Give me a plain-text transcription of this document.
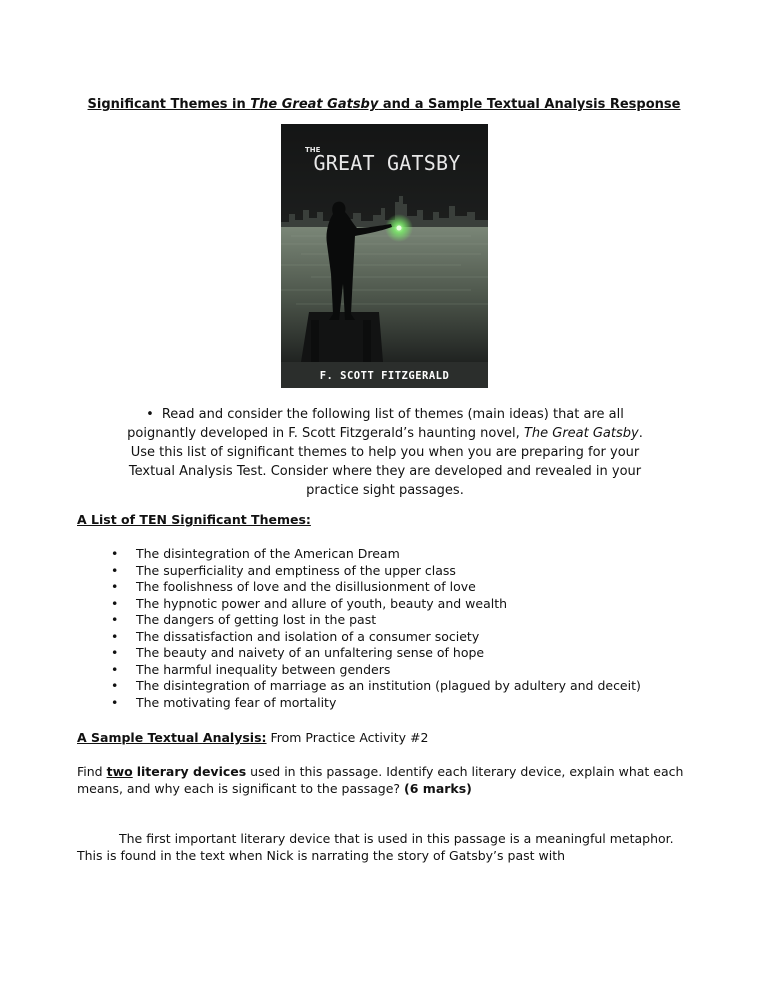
Significant Themes in The Great Gatsby and a Sample Textual Analysis Response
F. SCOTT FITZGERALD
THE
GREAT GATSBY
• Read and consider the following list of themes (main ideas) that are all poignantly developed in F. Scott Fitzgerald’s haunting novel, The Great Gatsby. Use this list of significant themes to help you when you are preparing for your Textual Analysis Test. Consider where they are developed and revealed in your practice sight passages.
A List of TEN Significant Themes:
• The disintegration of the American Dream
• The superficiality and emptiness of the upper class
• The foolishness of love and the disillusionment of love
• The hypnotic power and allure of youth, beauty and wealth
• The dangers of getting lost in the past
• The dissatisfaction and isolation of a consumer society
• The beauty and naivety of an unfaltering sense of hope
• The harmful inequality between genders
• The disintegration of marriage as an institution (plagued by adultery and deceit)
• The motivating fear of mortality
A Sample Textual Analysis: From Practice Activity #2
Find two literary devices used in this passage. Identify each literary device, explain what each means, and why each is significant to the passage? (6 marks)
The first important literary device that is used in this passage is a meaningful metaphor. This is found in the text when Nick is narrating the story of Gatsby’s past with
